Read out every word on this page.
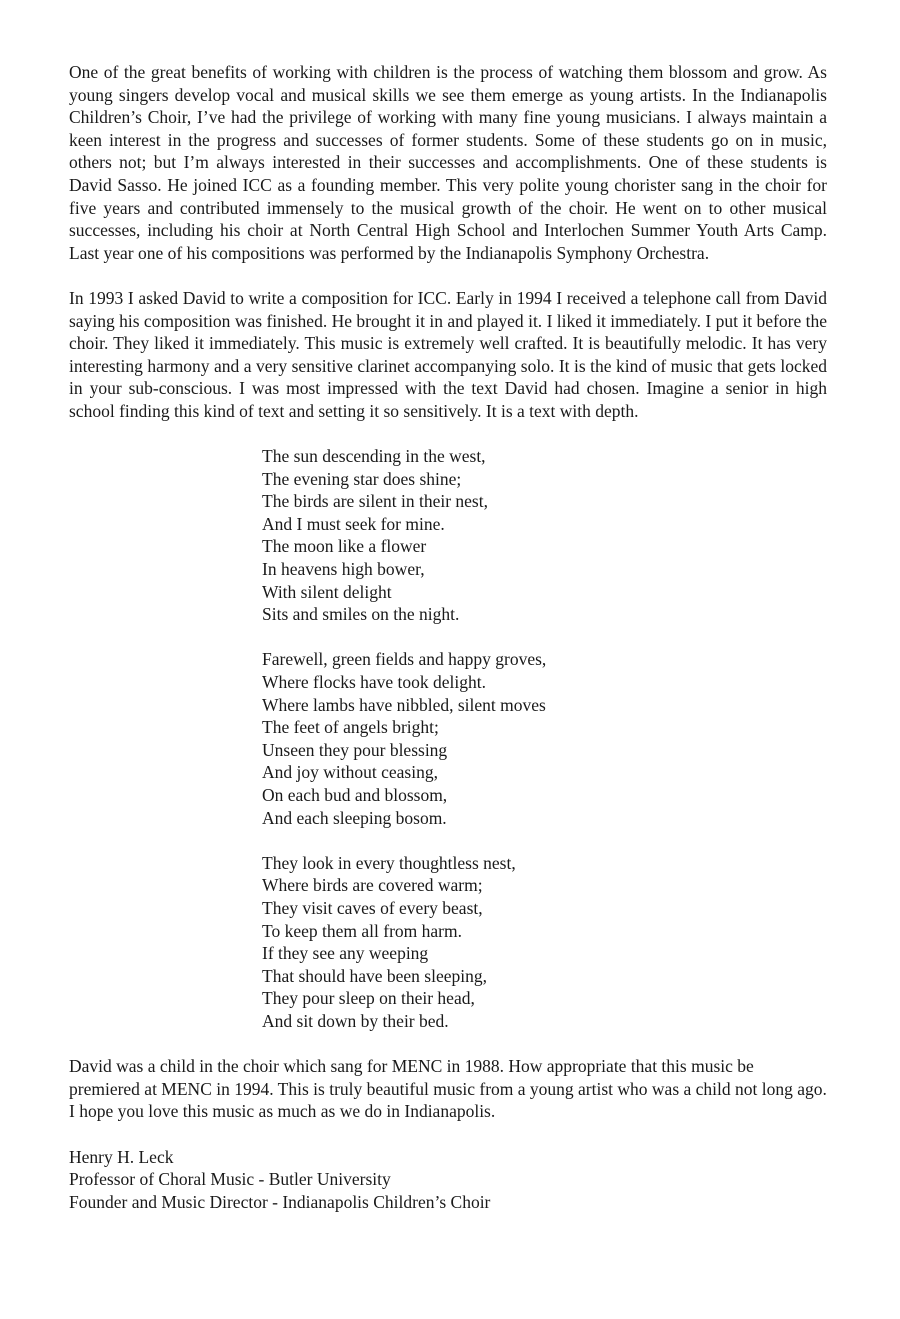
One of the great benefits of working with children is the process of watching them blossom and grow. As young singers develop vocal and musical skills we see them emerge as young artists. In the Indianapolis Children’s Choir, I’ve had the privilege of working with many fine young musicians. I always maintain a keen interest in the progress and successes of former students. Some of these students go on in music, others not; but I’m always interested in their successes and accomplishments. One of these students is David Sasso. He joined ICC as a founding member. This very polite young chorister sang in the choir for five years and contributed immensely to the musical growth of the choir. He went on to other musical successes, including his choir at North Central High School and Interlochen Summer Youth Arts Camp. Last year one of his compositions was performed by the Indianapolis Symphony Orchestra.

In 1993 I asked David to write a composition for ICC. Early in 1994 I received a telephone call from David saying his composition was finished. He brought it in and played it. I liked it immediately. I put it before the choir. They liked it immediately. This music is extremely well crafted. It is beautifully melodic. It has very interesting harmony and a very sensitive clarinet accompanying solo. It is the kind of music that gets locked in your sub-conscious. I was most impressed with the text David had chosen. Imagine a senior in high school finding this kind of text and setting it so sensitively. It is a text with depth.

The sun descending in the west,
The evening star does shine;
The birds are silent in their nest,
And I must seek for mine.
The moon like a flower
In heavens high bower,
With silent delight
Sits and smiles on the night.
Farewell, green fields and happy groves,
Where flocks have took delight.
Where lambs have nibbled, silent moves
The feet of angels bright;
Unseen they pour blessing
And joy without ceasing,
On each bud and blossom,
And each sleeping bosom.
They look in every thoughtless nest,
Where birds are covered warm;
They visit caves of every beast,
To keep them all from harm.
If they see any weeping
That should have been sleeping,
They pour sleep on their head,
And sit down by their bed.

David was a child in the choir which sang for MENC in 1988. How appropriate that this music be premiered at MENC in 1994. This is truly beautiful music from a young artist who was a child not long ago. I hope you love this music as much as we do in Indianapolis.

Henry H. Leck
Professor of Choral Music - Butler University
Founder and Music Director - Indianapolis Children’s Choir
